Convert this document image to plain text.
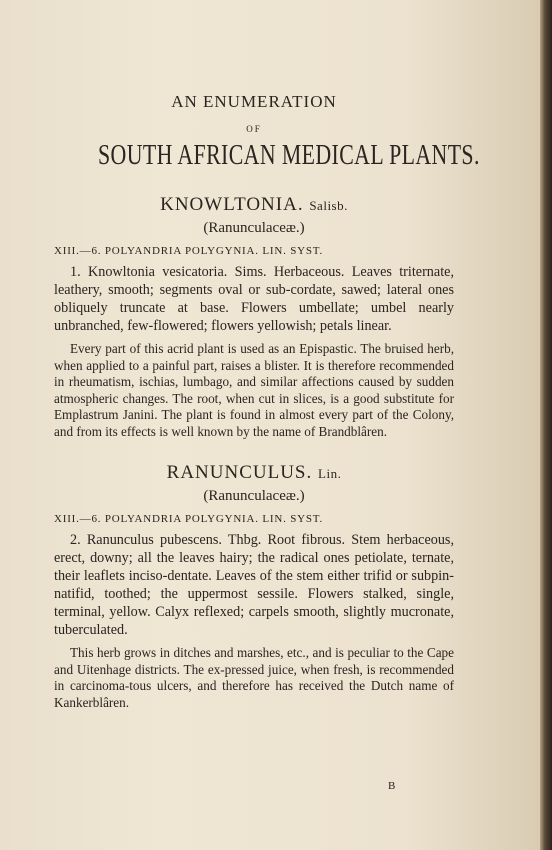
AN ENUMERATION
OF
SOUTH AFRICAN MEDICAL PLANTS.
KNOWLTONIA. Salisb.
(Ranunculaceæ.)
XIII.—6. POLYANDRIA POLYGYNIA. LIN. SYST.
1. Knowltonia vesicatoria. Sims. Herbaceous. Leaves triternate, leathery, smooth; segments oval or sub-cordate, sawed; lateral ones obliquely truncate at base. Flowers umbellate; umbel nearly unbranched, few-flowered; flowers yellowish; petals linear.
Every part of this acrid plant is used as an Epispastic. The bruised herb, when applied to a painful part, raises a blister. It is therefore recommended in rheumatism, ischias, lumbago, and similar affections caused by sudden atmospheric changes. The root, when cut in slices, is a good substitute for Emplastrum Janini. The plant is found in almost every part of the Colony, and from its effects is well known by the name of Brandblâren.
RANUNCULUS. Lin.
(Ranunculaceæ.)
XIII.—6. POLYANDRIA POLYGYNIA. LIN. SYST.
2. Ranunculus pubescens. Thbg. Root fibrous. Stem herbaceous, erect, downy; all the leaves hairy; the radical ones petiolate, ternate, their leaflets inciso-dentate. Leaves of the stem either trifid or subpin-natifid, toothed; the uppermost sessile. Flowers stalked, single, terminal, yellow. Calyx reflexed; carpels smooth, slightly mucronate, tuberculated.
This herb grows in ditches and marshes, etc., and is peculiar to the Cape and Uitenhage districts. The ex-pressed juice, when fresh, is recommended in carcinoma-tous ulcers, and therefore has received the Dutch name of Kankerblâren.
B
